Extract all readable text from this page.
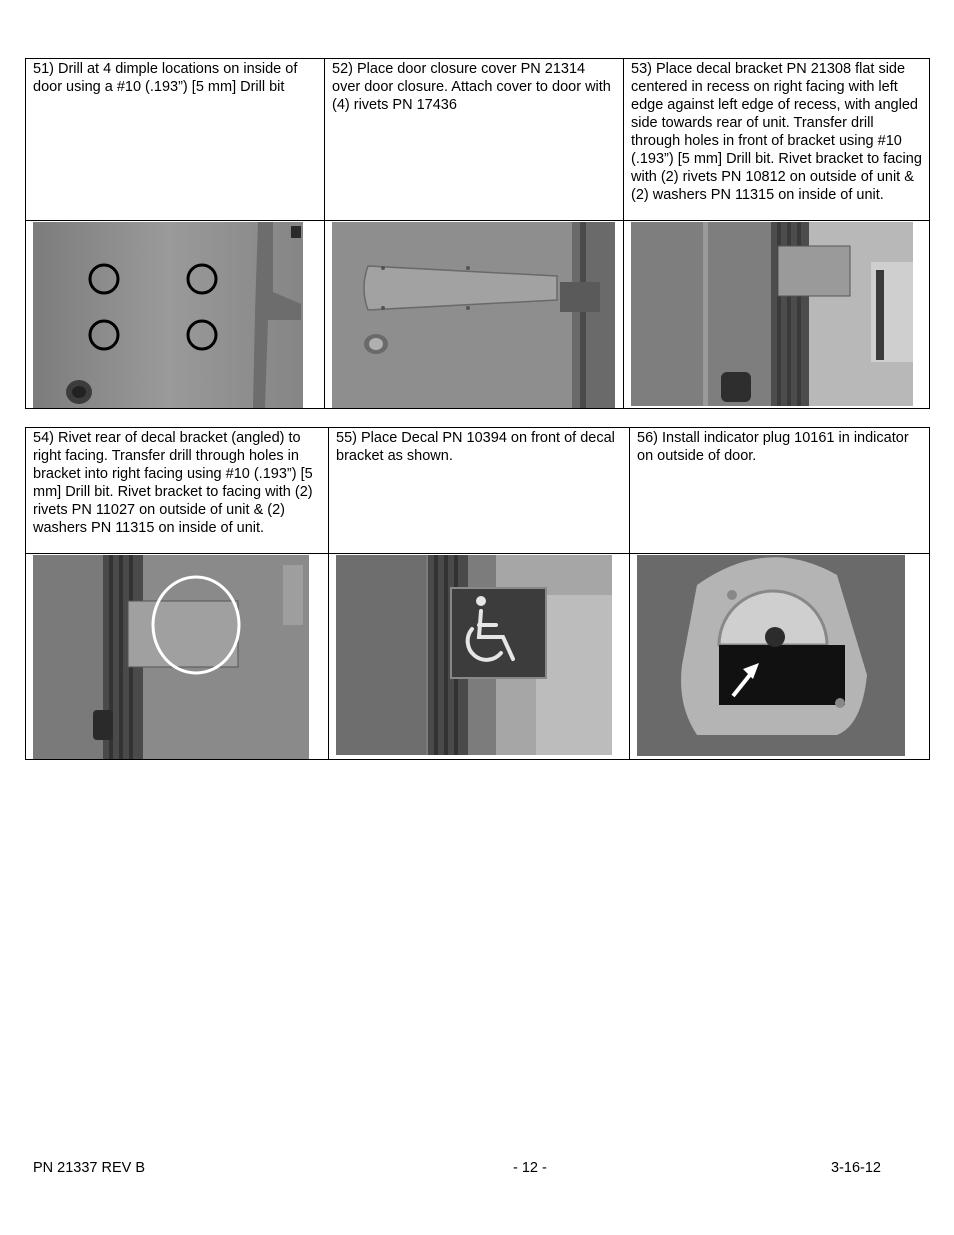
51) Drill at 4 dimple locations on inside of door using a #10 (.193”) [5 mm] Drill bit	52) Place door closure cover PN 21314 over door closure. Attach cover to door with (4) rivets PN 17436	53) Place decal bracket PN 21308 flat side centered in recess on right facing with left edge against left edge of recess, with angled side towards rear of unit. Transfer drill through holes in front of bracket using #10 (.193”) [5 mm] Drill bit. Rivet bracket to facing with (2) rivets PN 10812 on outside of unit & (2) washers PN 11315 on inside of unit.

54) Rivet rear of decal bracket (angled) to right facing. Transfer drill through holes in bracket into right facing using #10 (.193”) [5 mm] Drill bit. Rivet bracket to facing with (2) rivets PN 11027 on outside of unit & (2) washers PN 11315 on inside of unit.	55) Place Decal PN 10394 on front of decal bracket as shown.	56) Install indicator plug 10161 in indicator on outside of door.

PN 21337 REV B	- 12 -	3-16-12
